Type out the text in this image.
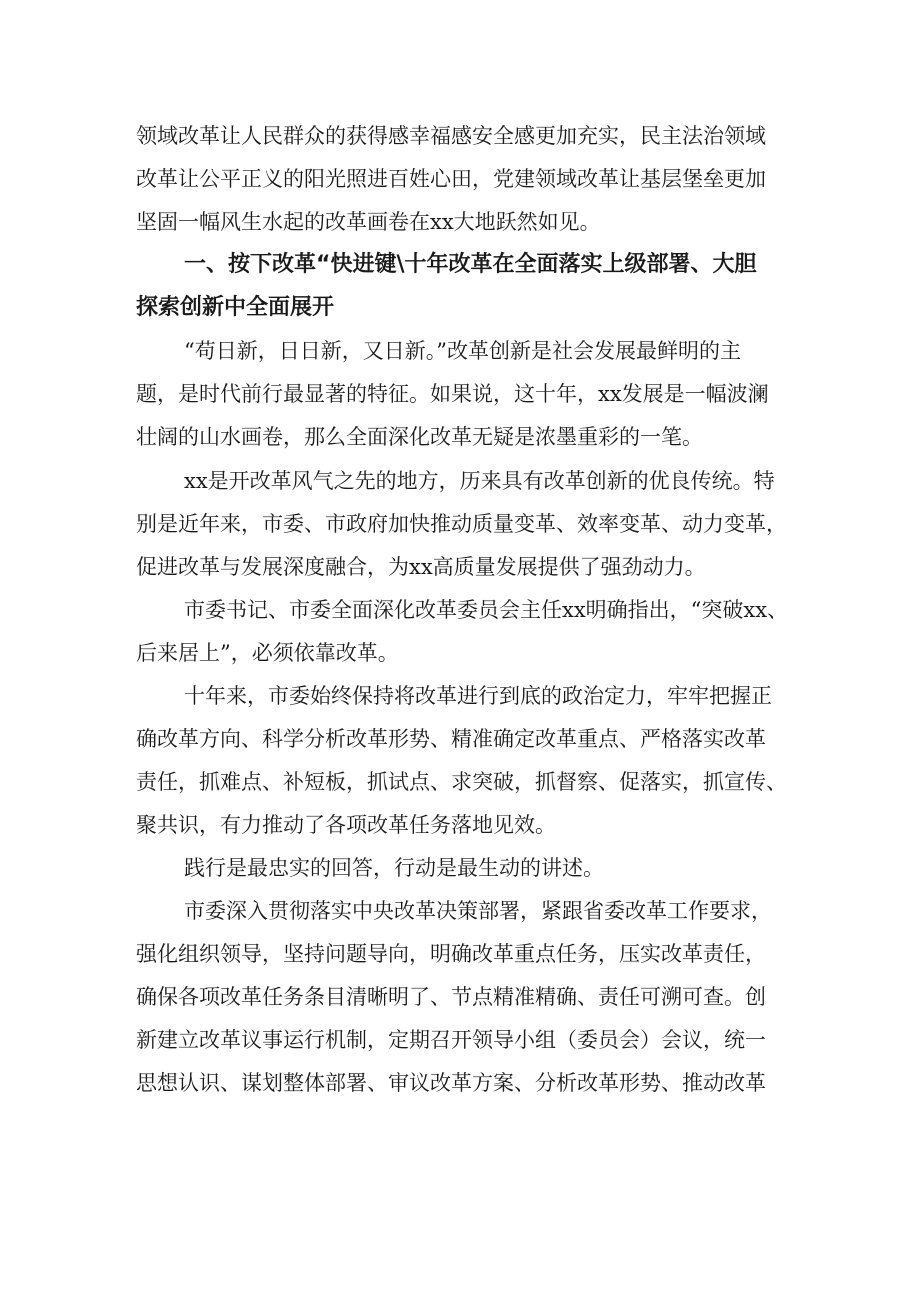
领域改革让人民群众的获得感幸福感安全感更加充实，民主法治领域
改革让公平正义的阳光照进百姓心田，党建领域改革让基层堡垒更加
坚固一幅风生水起的改革画卷在xx大地跃然如见。
一、按下改革“快进键\十年改革在全面落实上级部署、大胆
探索创新中全面展开
“苟日新，日日新，又日新。”改革创新是社会发展最鲜明的主
题，是时代前行最显著的特征。如果说，这十年，xx发展是一幅波澜
壮阔的山水画卷，那么全面深化改革无疑是浓墨重彩的一笔。
xx是开改革风气之先的地方，历来具有改革创新的优良传统。特
别是近年来，市委、市政府加快推动质量变革、效率变革、动力变革，
促进改革与发展深度融合，为xx高质量发展提供了强劲动力。
市委书记、市委全面深化改革委员会主任xx明确指出，“突破xx、
后来居上”，必须依靠改革。
十年来，市委始终保持将改革进行到底的政治定力，牢牢把握正
确改革方向、科学分析改革形势、精准确定改革重点、严格落实改革
责任，抓难点、补短板，抓试点、求突破，抓督察、促落实，抓宣传、
聚共识，有力推动了各项改革任务落地见效。
践行是最忠实的回答，行动是最生动的讲述。
市委深入贯彻落实中央改革决策部署，紧跟省委改革工作要求，
强化组织领导，坚持问题导向，明确改革重点任务，压实改革责任，
确保各项改革任务条目清晰明了、节点精准精确、责任可溯可查。创
新建立改革议事运行机制，定期召开领导小组（委员会）会议，统一
思想认识、谋划整体部署、审议改革方案、分析改革形势、推动改革
